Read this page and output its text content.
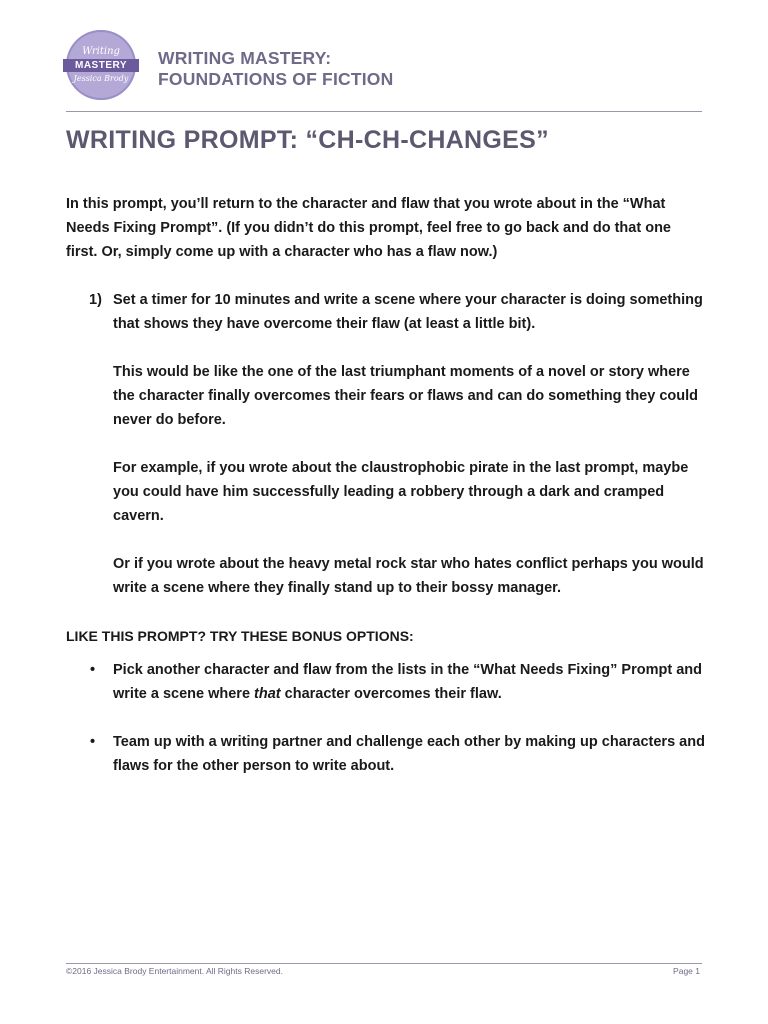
Writing
MASTERY
Jessica Brody
WRITING MASTERY:
FOUNDATIONS OF FICTION
WRITING PROMPT: “CH-CH-CHANGES”

In this prompt, you’ll return to the character and flaw that you wrote about in the “What Needs Fixing Prompt”. (If you didn’t do this prompt, feel free to go back and do that one first. Or, simply come up with a character who has a flaw now.)

1) Set a timer for 10 minutes and write a scene where your character is doing something that shows they have overcome their flaw (at least a little bit).

This would be like the one of the last triumphant moments of a novel or story where the character finally overcomes their fears or flaws and can do something they could never do before.

For example, if you wrote about the claustrophobic pirate in the last prompt, maybe you could have him successfully leading a robbery through a dark and cramped cavern.

Or if you wrote about the heavy metal rock star who hates conflict perhaps you would write a scene where they finally stand up to their bossy manager.

LIKE THIS PROMPT? TRY THESE BONUS OPTIONS:
• Pick another character and flaw from the lists in the “What Needs Fixing” Prompt and write a scene where that character overcomes their flaw.
• Team up with a writing partner and challenge each other by making up characters and flaws for the other person to write about.
©2016 Jessica Brody Entertainment. All Rights Reserved.	Page 1
